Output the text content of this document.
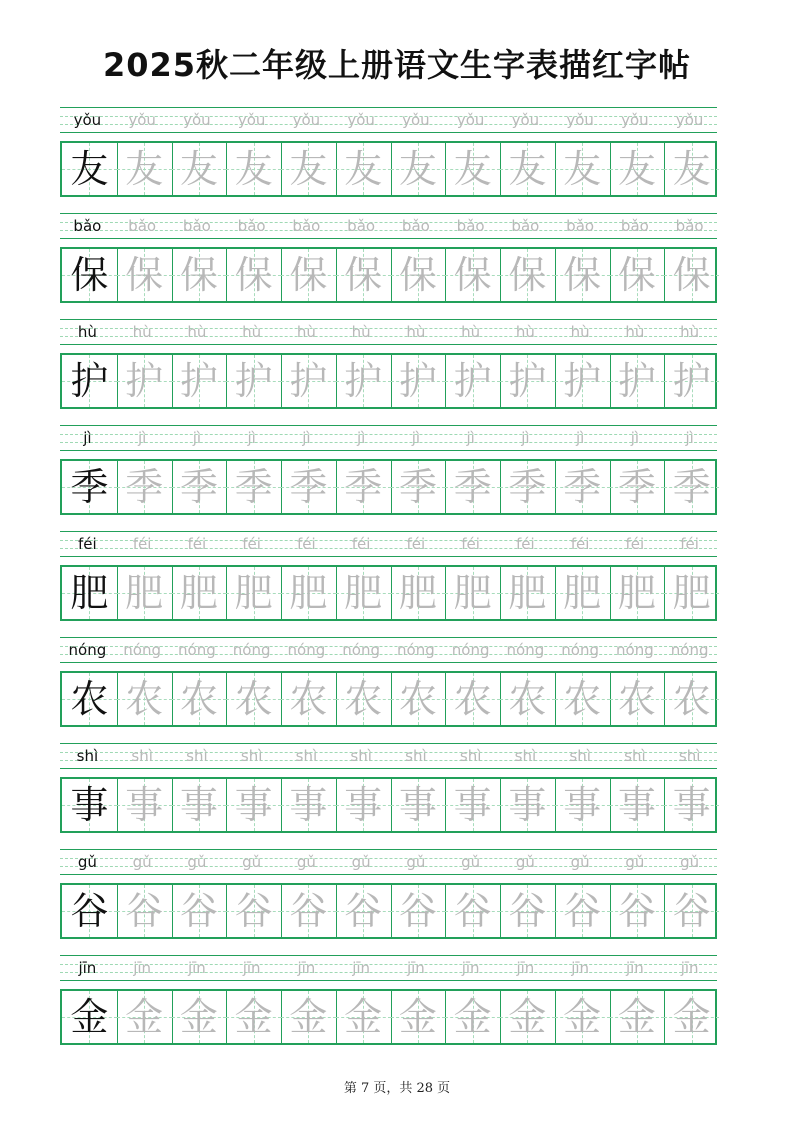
2025秋二年级上册语文生字表描红字帖
yǒu	yǒu	yǒu	yǒu	yǒu	yǒu	yǒu	yǒu	yǒu	yǒu	yǒu	yǒu
友 友 友 友 友 友 友 友 友 友 友 友
bǎo	bǎo	bǎo	bǎo	bǎo	bǎo	bǎo	bǎo	bǎo	bǎo	bǎo	bǎo
保 保 保 保 保 保 保 保 保 保 保 保
hù	hù	hù	hù	hù	hù	hù	hù	hù	hù	hù	hù
护 护 护 护 护 护 护 护 护 护 护 护
jì	jì	jì	jì	jì	jì	jì	jì	jì	jì	jì	jì
季 季 季 季 季 季 季 季 季 季 季 季
féi	féi	féi	féi	féi	féi	féi	féi	féi	féi	féi	féi
肥 肥 肥 肥 肥 肥 肥 肥 肥 肥 肥 肥
nóng	nóng	nóng	nóng	nóng	nóng	nóng	nóng	nóng	nóng	nóng	nóng
农 农 农 农 农 农 农 农 农 农 农 农
shì	shì	shì	shì	shì	shì	shì	shì	shì	shì	shì	shì
事 事 事 事 事 事 事 事 事 事 事 事
gǔ	gǔ	gǔ	gǔ	gǔ	gǔ	gǔ	gǔ	gǔ	gǔ	gǔ	gǔ
谷 谷 谷 谷 谷 谷 谷 谷 谷 谷 谷 谷
jīn	jīn	jīn	jīn	jīn	jīn	jīn	jīn	jīn	jīn	jīn	jīn
金 金 金 金 金 金 金 金 金 金 金 金
第 7 页，共 28 页
